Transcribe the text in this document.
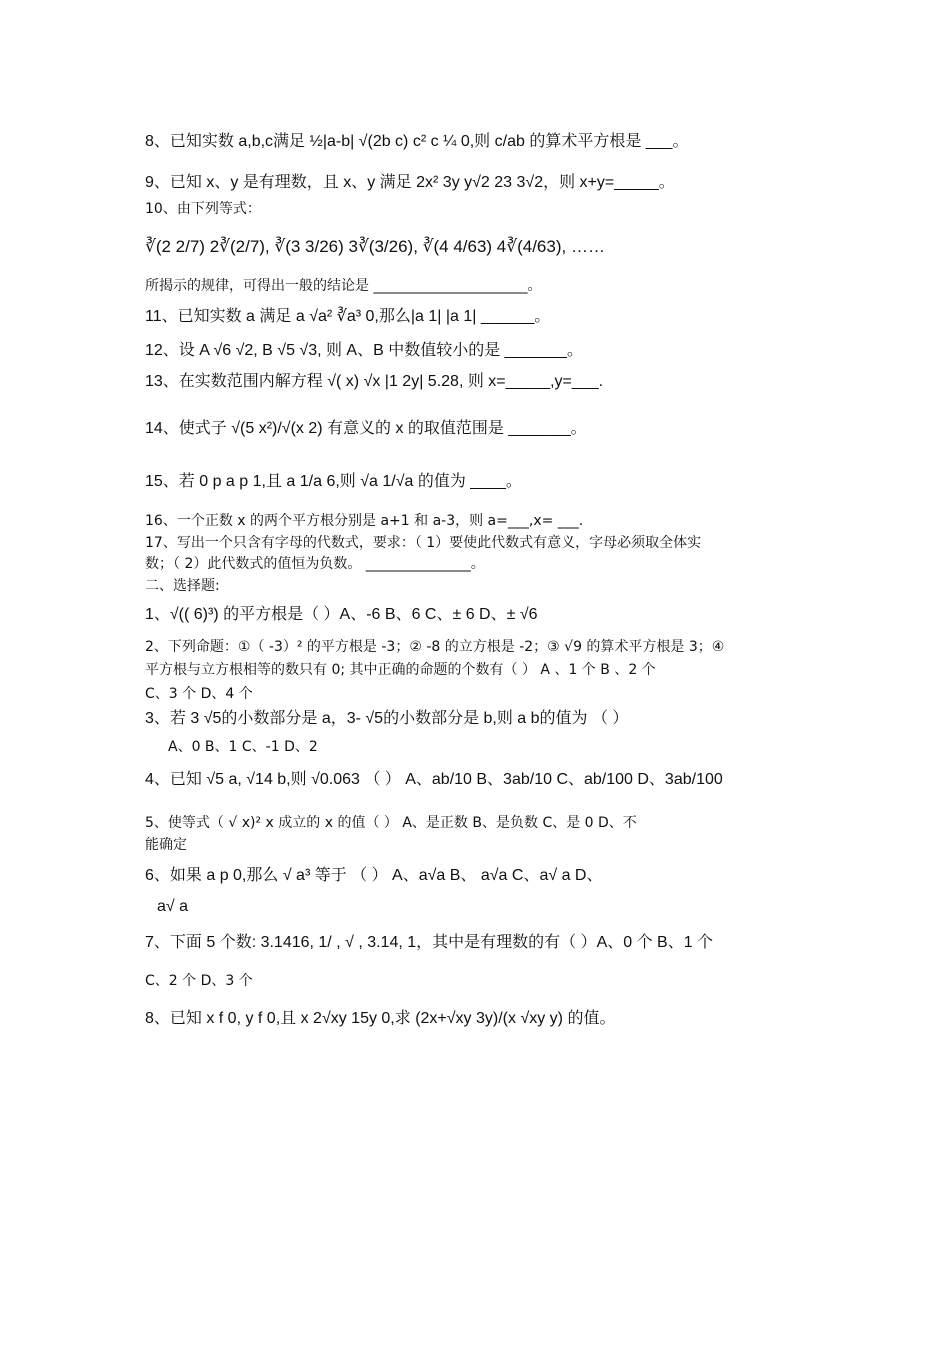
8、已知实数 a,b,c满足 ½|a-b| √(2b c) c² c ¼ 0,则 c/ab 的算术平方根是 ___。
9、已知 x、y 是有理数，且 x、y 满足 2x² 3y y√2 23 3√2，则 x+y=_____。
10、由下列等式：
∛(2 2/7) 2∛(2/7), ∛(3 3/26) 3∛(3/26), ∛(4 4/63) 4∛(4/63), ……
所揭示的规律，可得出一般的结论是 ______________________。
11、已知实数 a 满足 a √a² ∛a³ 0,那么|a 1| |a 1| ______。
12、设 A √6 √2, B √5 √3, 则 A、B 中数值较小的是 _______。
13、在实数范围内解方程 √( x) √x |1 2y| 5.28, 则 x=_____,y=___.
14、使式子 √(5 x²)/√(x 2) 有意义的 x 的取值范围是 _______。
15、若 0 p a p 1,且 a 1/a 6,则 √a 1/√a 的值为 ____。
16、一个正数 x 的两个平方根分别是 a+1 和 a-3，则 a=___,x= ___.
17、写出一个只含有字母的代数式，要求：（ 1）要使此代数式有意义，字母必须取全体实
数；（ 2）此代数式的值恒为负数。 _______________。
二、选择题:
1、√(( 6)³) 的平方根是（ ）A、-6 B、6 C、± 6 D、± √6
2、下列命题：①（ -3）² 的平方根是 -3；② -8 的立方根是 -2；③ √9 的算术平方根是 3；④
平方根与立方根相等的数只有 0; 其中正确的命题的个数有（ ） A 、1 个 B 、2 个
C、3 个 D、4 个
3、若 3 √5的小数部分是 a，3- √5的小数部分是 b,则 a b的值为 （ ）
A、0 B、1 C、-1 D、2
4、已知 √5 a, √14 b,则 √0.063 （ ） A、ab/10 B、3ab/10 C、ab/100 D、3ab/100
5、使等式（ √ x)² x 成立的 x 的值（ ） A、是正数 B、是负数 C、是 0 D、不
能确定
6、如果 a p 0,那么 √ a³ 等于 （ ） A、a√a B、 a√a C、a√ a D、
a√ a
7、下面 5 个数: 3.1416, 1/ , √ , 3.14, 1，其中是有理数的有（ ）A、0 个 B、1 个
C、2 个 D、3 个
8、已知 x f 0, y f 0,且 x 2√xy 15y 0,求 (2x+√xy 3y)/(x √xy y) 的值。
